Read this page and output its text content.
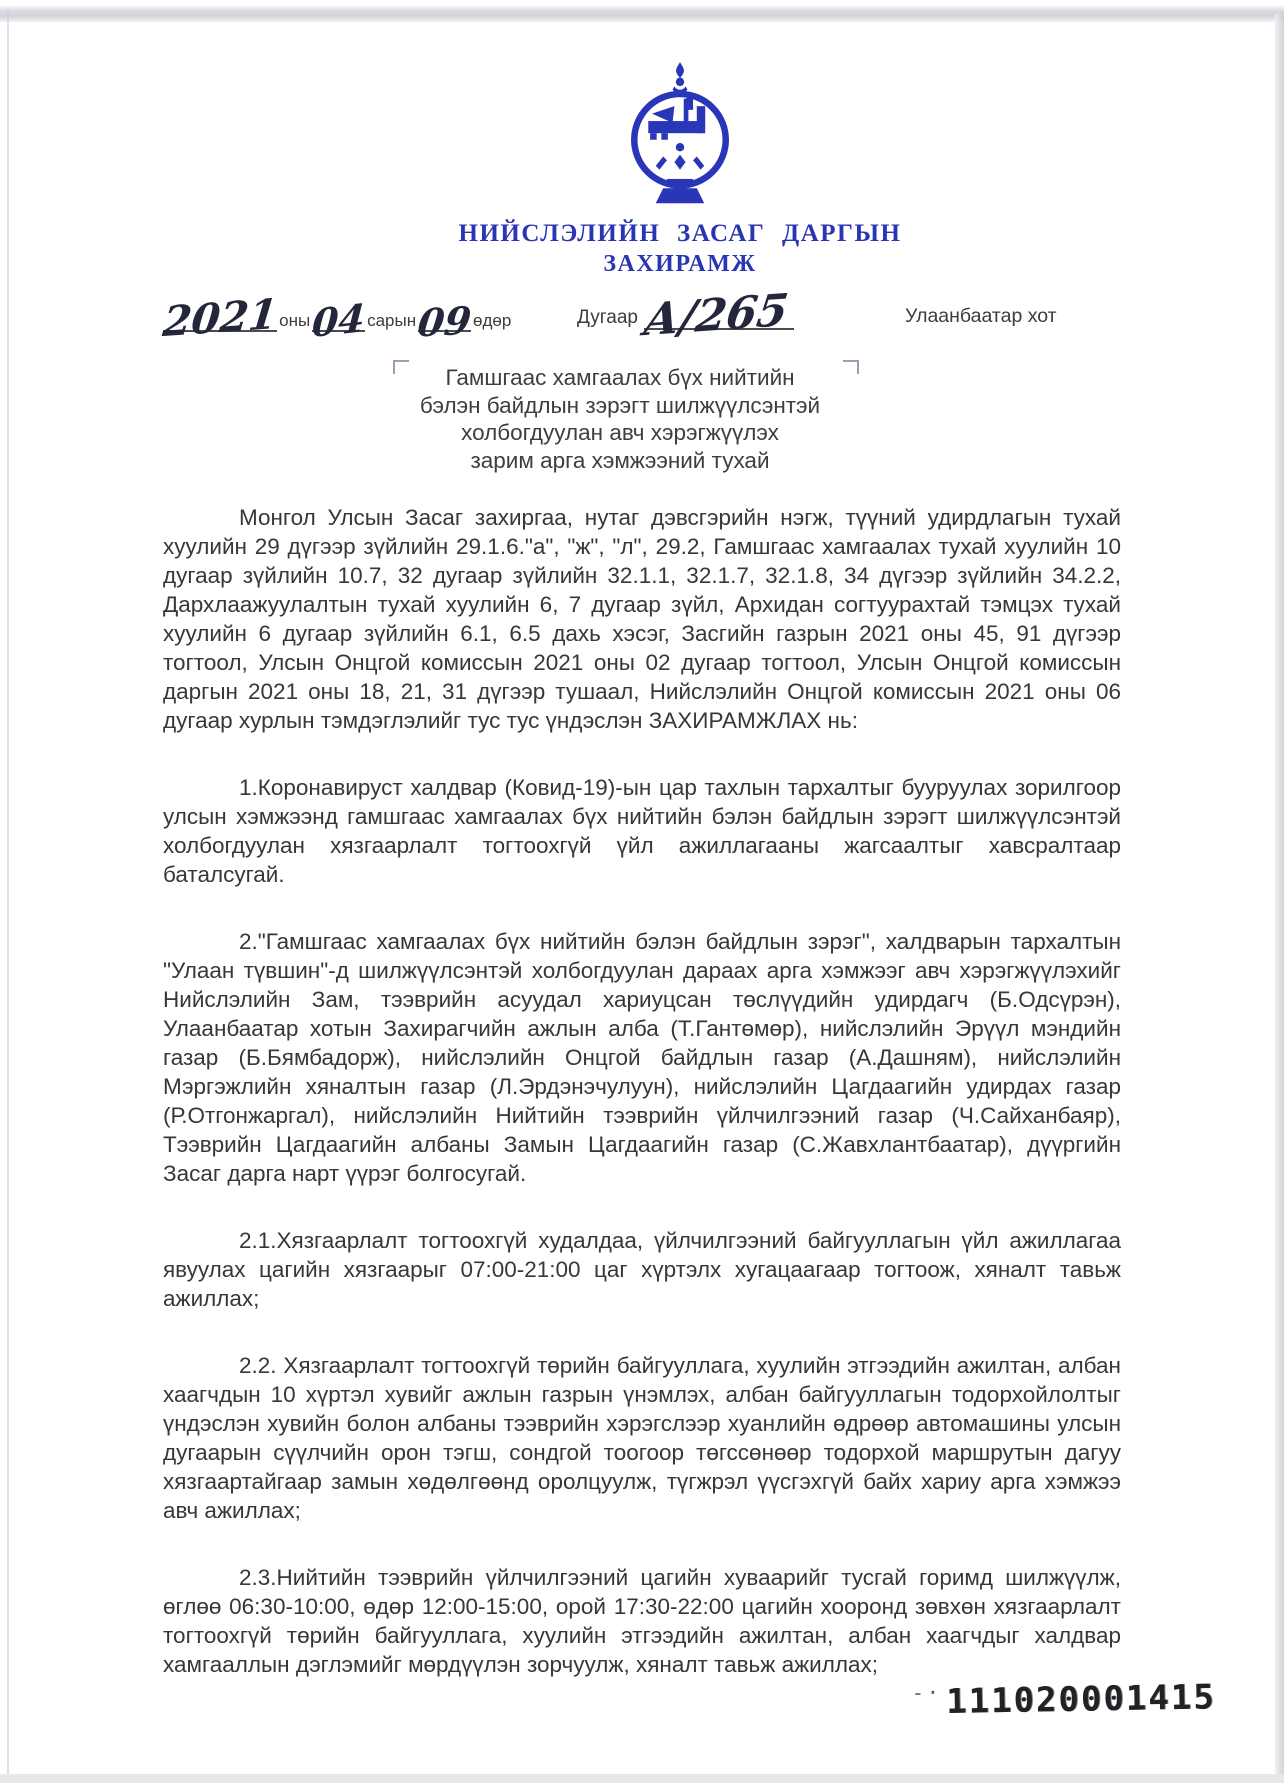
НИЙСЛЭЛИЙН ЗАСАГ ДАРГЫН
ЗАХИРАМЖ
2021 оны 04 сарын 09 өдөр	Дугаар А/265	Улаанбаатар хот
Гамшгаас хамгаалах бүх нийтийн
бэлэн байдлын зэрэгт шилжүүлсэнтэй
холбогдуулан авч хэрэгжүүлэх
зарим арга хэмжээний тухай

Монгол Улсын Засаг захиргаа, нутаг дэвсгэрийн нэгж, түүний удирдлагын тухай хуулийн 29 дүгээр зүйлийн 29.1.6."а", "ж", "л", 29.2, Гамшгаас хамгаалах тухай хуулийн 10 дугаар зүйлийн 10.7, 32 дугаар зүйлийн 32.1.1, 32.1.7, 32.1.8, 34 дүгээр зүйлийн 34.2.2, Дархлаажуулалтын тухай хуулийн 6, 7 дугаар зүйл, Архидан согтуурахтай тэмцэх тухай хуулийн 6 дугаар зүйлийн 6.1, 6.5 дахь хэсэг, Засгийн газрын 2021 оны 45, 91 дүгээр тогтоол, Улсын Онцгой комиссын 2021 оны 02 дугаар тогтоол, Улсын Онцгой комиссын даргын 2021 оны 18, 21, 31 дүгээр тушаал, Нийслэлийн Онцгой комиссын 2021 оны 06 дугаар хурлын тэмдэглэлийг тус тус үндэслэн ЗАХИРАМЖЛАХ нь:

1.Коронавируст халдвар (Ковид-19)-ын цар тахлын тархалтыг бууруулах зорилгоор улсын хэмжээнд гамшгаас хамгаалах бүх нийтийн бэлэн байдлын зэрэгт шилжүүлсэнтэй холбогдуулан хязгаарлалт тогтоохгүй үйл ажиллагааны жагсаалтыг хавсралтаар баталсугай.

2."Гамшгаас хамгаалах бүх нийтийн бэлэн байдлын зэрэг", халдварын тархалтын "Улаан түвшин"-д шилжүүлсэнтэй холбогдуулан дараах арга хэмжээг авч хэрэгжүүлэхийг Нийслэлийн Зам, тээврийн асуудал хариуцсан төслүүдийн удирдагч (Б.Одсүрэн), Улаанбаатар хотын Захирагчийн ажлын алба (Т.Гантөмөр), нийслэлийн Эрүүл мэндийн газар (Б.Бямбадорж), нийслэлийн Онцгой байдлын газар (А.Дашням), нийслэлийн Мэргэжлийн хяналтын газар (Л.Эрдэнэчулуун), нийслэлийн Цагдаагийн удирдах газар (Р.Отгонжаргал), нийслэлийн Нийтийн тээврийн үйлчилгээний газар (Ч.Сайханбаяр), Тээврийн Цагдаагийн албаны Замын Цагдаагийн газар (С.Жавхлантбаатар), дүүргийн Засаг дарга нарт үүрэг болгосугай.

2.1.Хязгаарлалт тогтоохгүй худалдаа, үйлчилгээний байгууллагын үйл ажиллагаа явуулах цагийн хязгаарыг 07:00-21:00 цаг хүртэлх хугацаагаар тогтоож, хяналт тавьж ажиллах;

2.2. Хязгаарлалт тогтоохгүй төрийн байгууллага, хуулийн этгээдийн ажилтан, албан хаагчдын 10 хүртэл хувийг ажлын газрын үнэмлэх, албан байгууллагын тодорхойлолтыг үндэслэн хувийн болон албаны тээврийн хэрэгслээр хуанлийн өдрөөр автомашины улсын дугаарын сүүлчийн орон тэгш, сондгой тоогоор төгссөнөөр тодорхой маршрутын дагуу хязгаартайгаар замын хөдөлгөөнд оролцуулж, түгжрэл үүсгэхгүй байх хариу арга хэмжээ авч ажиллах;

2.3.Нийтийн тээврийн үйлчилгээний цагийн хуваарийг тусгай горимд шилжүүлж, өглөө 06:30-10:00, өдөр 12:00-15:00, орой 17:30-22:00 цагийн хооронд зөвхөн хязгаарлалт тогтоохгүй төрийн байгууллага, хуулийн этгээдийн ажилтан, албан хаагчдыг халдвар хамгааллын дэглэмийг мөрдүүлэн зорчуулж, хяналт тавьж ажиллах;

-· 111020001415
